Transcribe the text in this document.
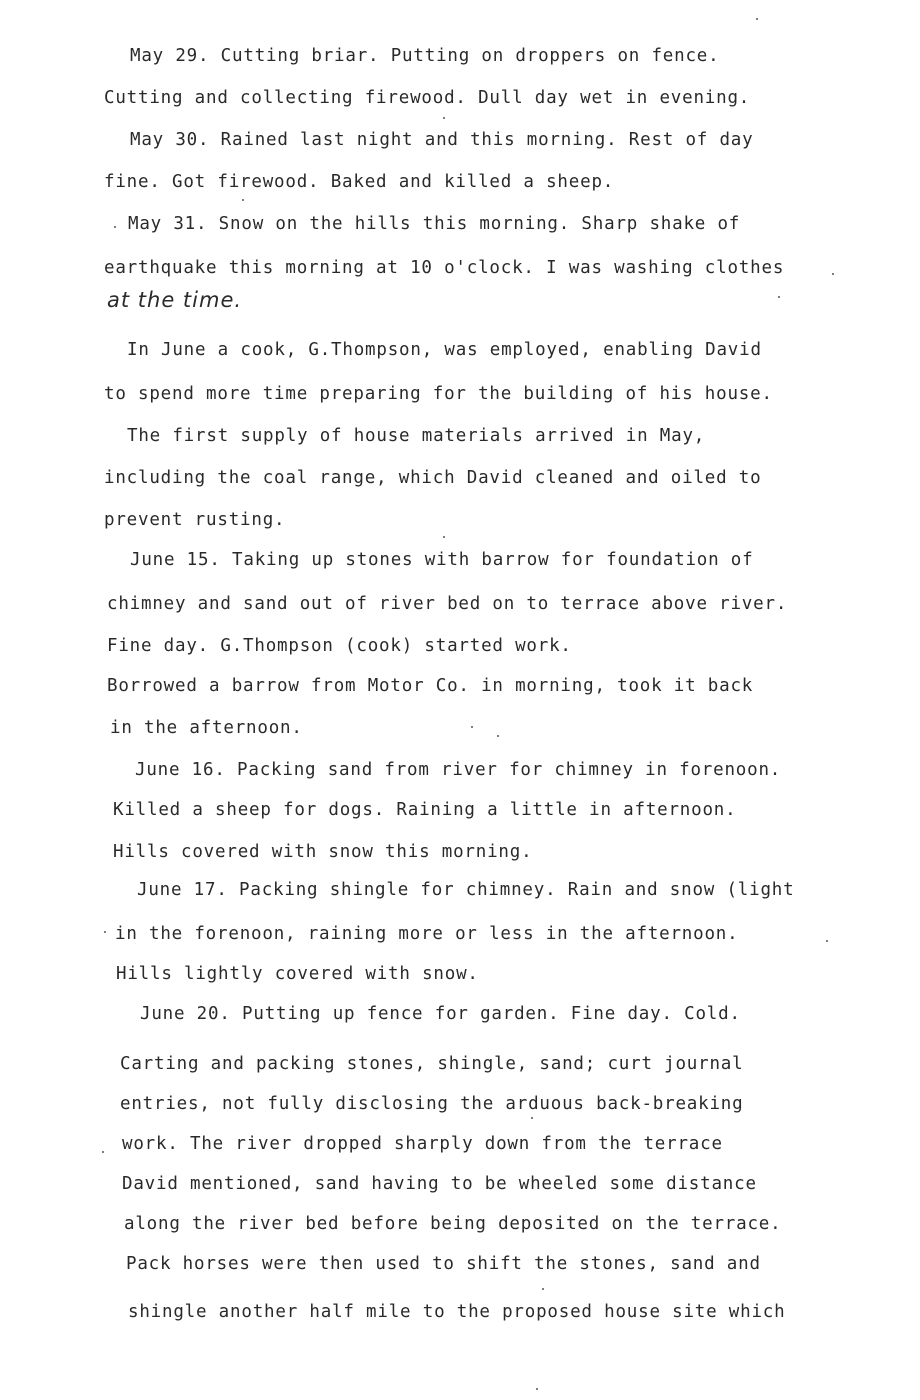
May 29. Cutting briar. Putting on droppers on fence.
Cutting and collecting firewood. Dull day wet in evening.
May 30. Rained last night and this morning. Rest of day
fine. Got firewood. Baked and killed a sheep.
May 31. Snow on the hills this morning. Sharp shake of
earthquake this morning at 10 o'clock. I was washing clothes
at the time.
In June a cook, G.Thompson, was employed, enabling David
to spend more time preparing for the building of his house.
The first supply of house materials arrived in May,
including the coal range, which David cleaned and oiled to
prevent rusting.
June 15. Taking up stones with barrow for foundation of
chimney and sand out of river bed on to terrace above river.
Fine day. G.Thompson (cook) started work.
Borrowed a barrow from Motor Co. in morning, took it back
in the afternoon.
June 16. Packing sand from river for chimney in forenoon.
Killed a sheep for dogs. Raining a little in afternoon.
Hills covered with snow this morning.
June 17. Packing shingle for chimney. Rain and snow (light
in the forenoon, raining more or less in the afternoon.
Hills lightly covered with snow.
June 20. Putting up fence for garden. Fine day. Cold.
Carting and packing stones, shingle, sand; curt journal
entries, not fully disclosing the arduous back-breaking
work. The river dropped sharply down from the terrace
David mentioned, sand having to be wheeled some distance
along the river bed before being deposited on the terrace.
Pack horses were then used to shift the stones, sand and
shingle another half mile to the proposed house site which
